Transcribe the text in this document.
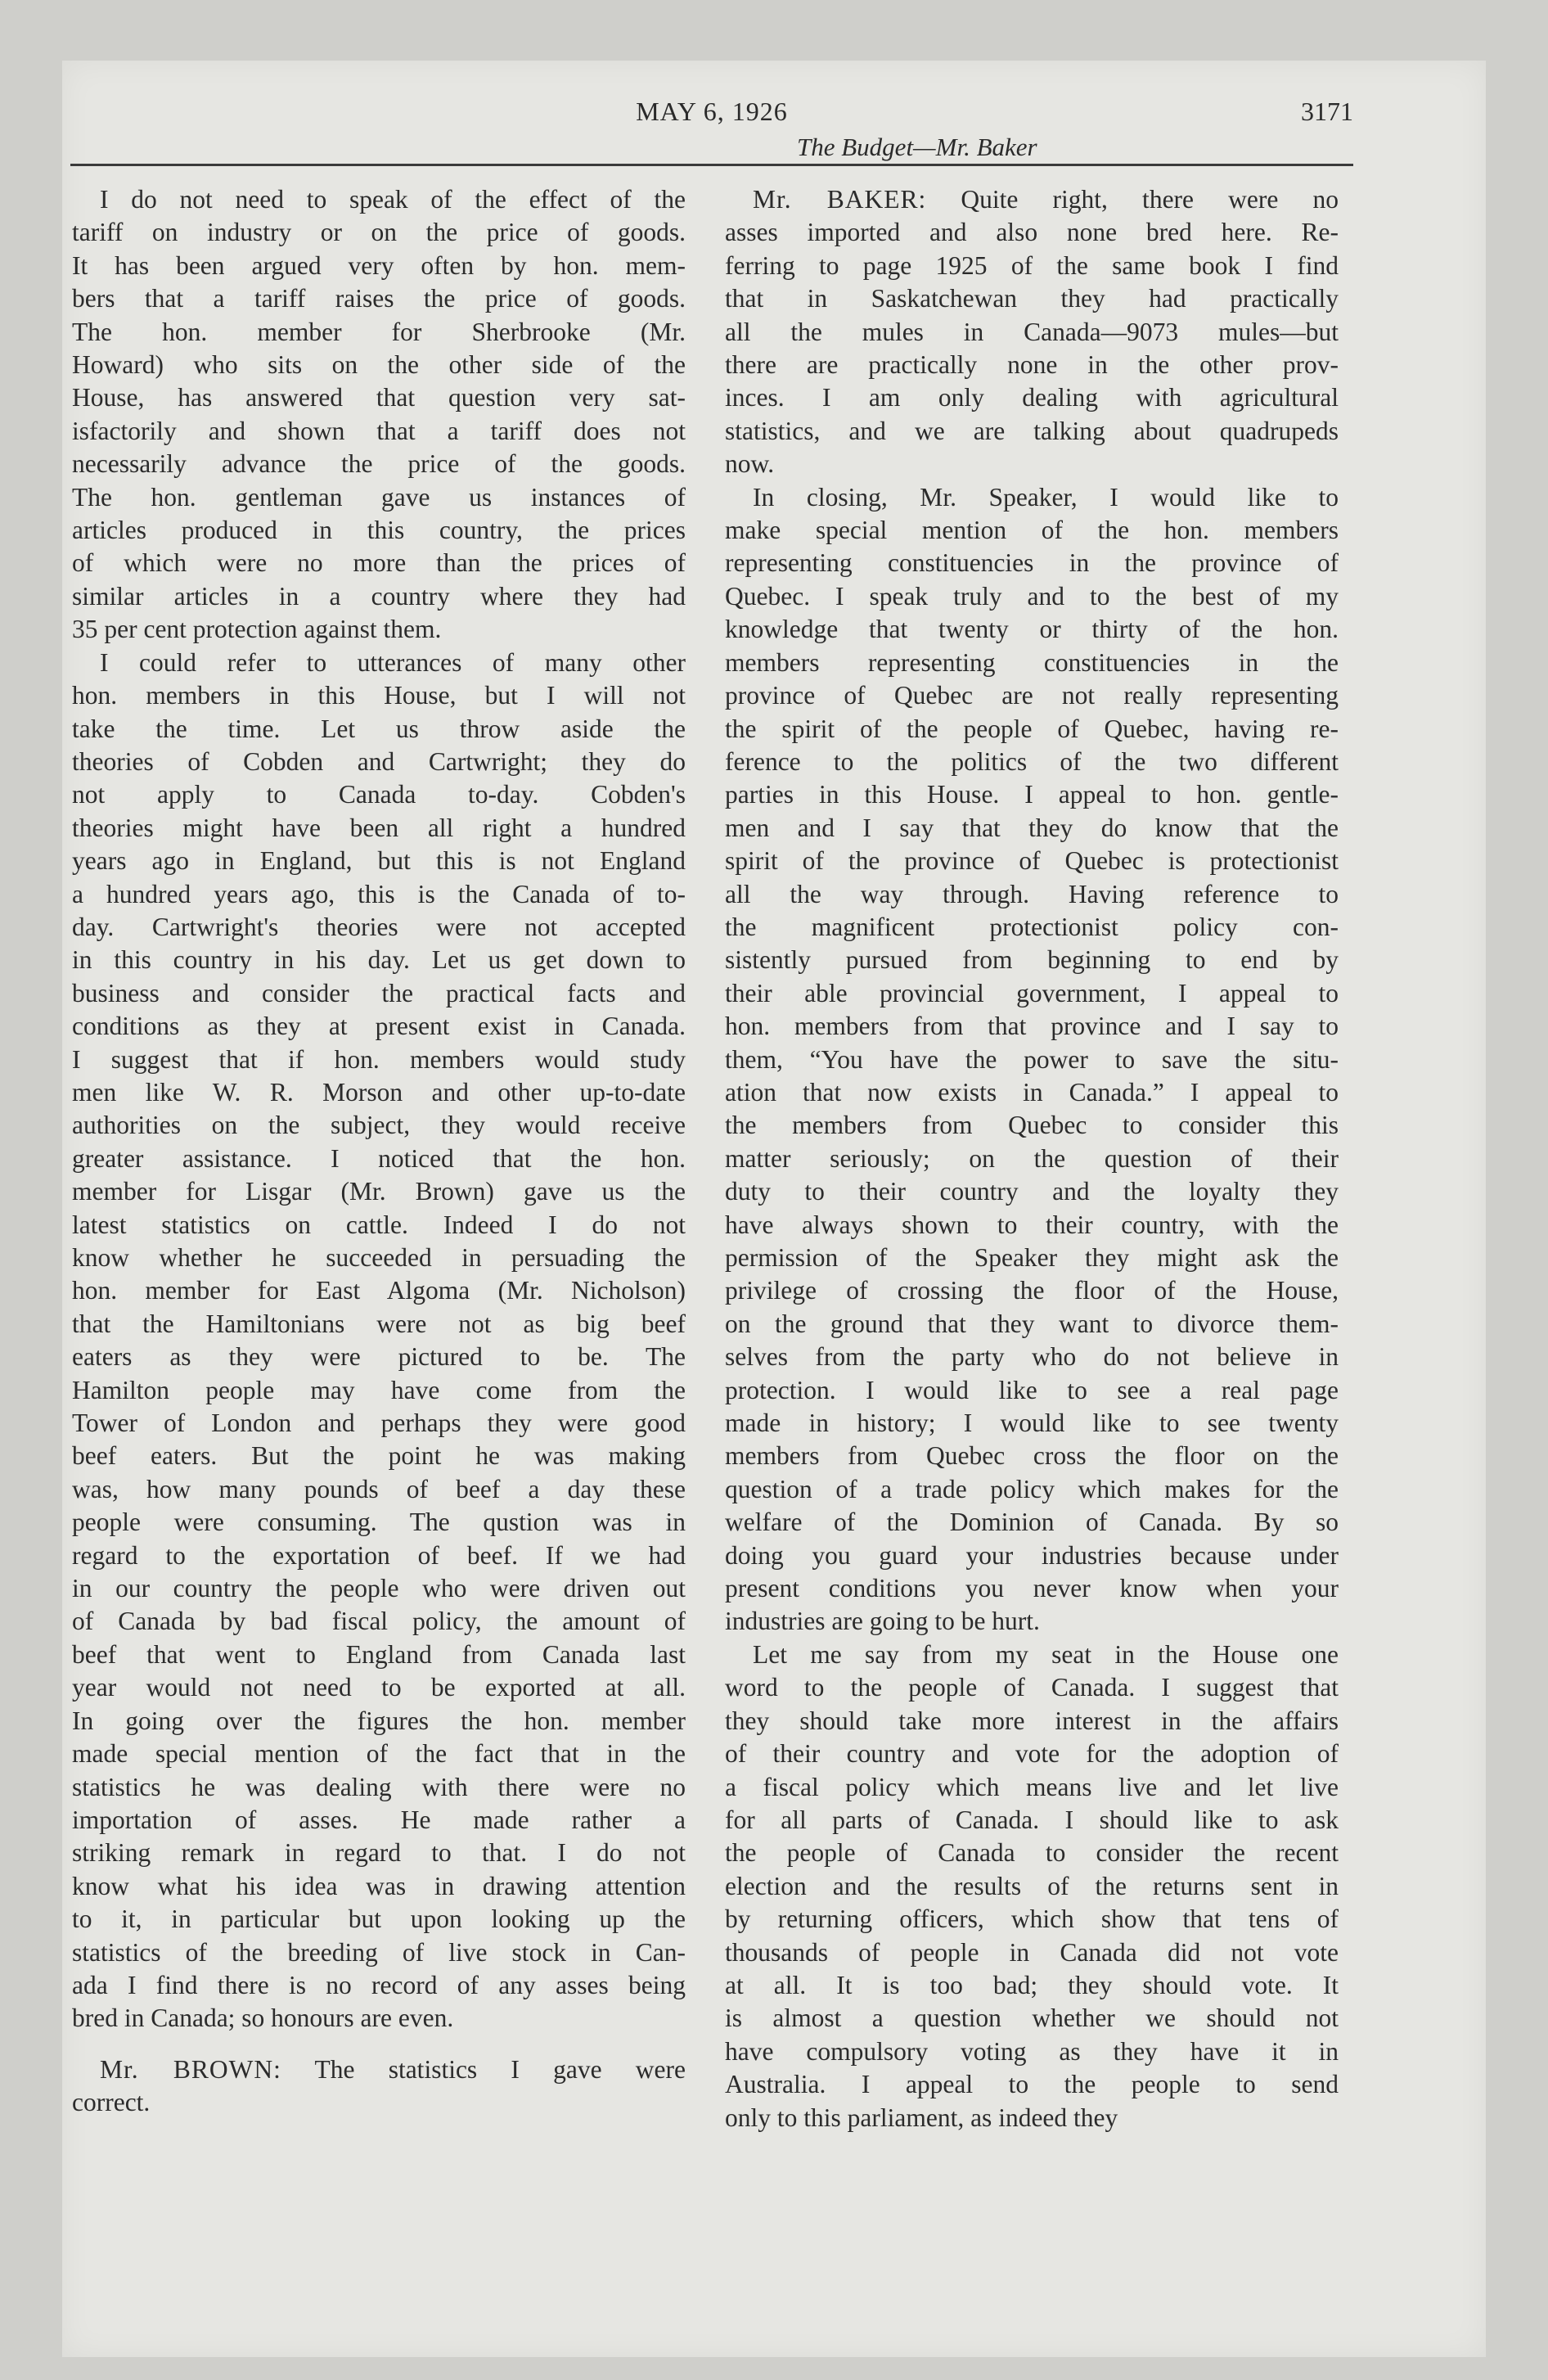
MAY 6, 1926	3171
The Budget—Mr. Baker

I do not need to speak of the effect of the
tariff on industry or on the price of goods.
It has been argued very often by hon. mem-
bers that a tariff raises the price of goods.
The hon. member for Sherbrooke (Mr.
Howard) who sits on the other side of the
House, has answered that question very sat-
isfactorily and shown that a tariff does not
necessarily advance the price of the goods.
The hon. gentleman gave us instances of
articles produced in this country, the prices
of which were no more than the prices of
similar articles in a country where they had
35 per cent protection against them.

I could refer to utterances of many other
hon. members in this House, but I will not
take the time. Let us throw aside the
theories of Cobden and Cartwright; they do
not apply to Canada to-day. Cobden's
theories might have been all right a hundred
years ago in England, but this is not England
a hundred years ago, this is the Canada of to-
day. Cartwright's theories were not accepted
in this country in his day. Let us get down to
business and consider the practical facts and
conditions as they at present exist in Canada.
I suggest that if hon. members would study
men like W. R. Morson and other up-to-date
authorities on the subject, they would receive
greater assistance. I noticed that the hon.
member for Lisgar (Mr. Brown) gave us the
latest statistics on cattle. Indeed I do not
know whether he succeeded in persuading the
hon. member for East Algoma (Mr. Nicholson)
that the Hamiltonians were not as big beef
eaters as they were pictured to be. The
Hamilton people may have come from the
Tower of London and perhaps they were good
beef eaters. But the point he was making
was, how many pounds of beef a day these
people were consuming. The qustion was in
regard to the exportation of beef. If we had
in our country the people who were driven out
of Canada by bad fiscal policy, the amount of
beef that went to England from Canada last
year would not need to be exported at all.
In going over the figures the hon. member
made special mention of the fact that in the
statistics he was dealing with there were no
importation of asses. He made rather a
striking remark in regard to that. I do not
know what his idea was in drawing attention
to it, in particular but upon looking up the
statistics of the breeding of live stock in Can-
ada I find there is no record of any asses being
bred in Canada; so honours are even.

Mr. BROWN: The statistics I gave were
correct.

Mr. BAKER: Quite right, there were no
asses imported and also none bred here. Re-
ferring to page 1925 of the same book I find
that in Saskatchewan they had practically
all the mules in Canada—9073 mules—but
there are practically none in the other prov-
inces. I am only dealing with agricultural
statistics, and we are talking about quadrupeds
now.

In closing, Mr. Speaker, I would like to
make special mention of the hon. members
representing constituencies in the province of
Quebec. I speak truly and to the best of my
knowledge that twenty or thirty of the hon.
members representing constituencies in the
province of Quebec are not really representing
the spirit of the people of Quebec, having re-
ference to the politics of the two different
parties in this House. I appeal to hon. gentle-
men and I say that they do know that the
spirit of the province of Quebec is protectionist
all the way through. Having reference to
the magnificent protectionist policy con-
sistently pursued from beginning to end by
their able provincial government, I appeal to
hon. members from that province and I say to
them, “You have the power to save the situ-
ation that now exists in Canada.” I appeal to
the members from Quebec to consider this
matter seriously; on the question of their
duty to their country and the loyalty they
have always shown to their country, with the
permission of the Speaker they might ask the
privilege of crossing the floor of the House,
on the ground that they want to divorce them-
selves from the party who do not believe in
protection. I would like to see a real page
made in history; I would like to see twenty
members from Quebec cross the floor on the
question of a trade policy which makes for the
welfare of the Dominion of Canada. By so
doing you guard your industries because under
present conditions you never know when your
industries are going to be hurt.

Let me say from my seat in the House one
word to the people of Canada. I suggest that
they should take more interest in the affairs
of their country and vote for the adoption of
a fiscal policy which means live and let live
for all parts of Canada. I should like to ask
the people of Canada to consider the recent
election and the results of the returns sent in
by returning officers, which show that tens of
thousands of people in Canada did not vote
at all. It is too bad; they should vote. It
is almost a question whether we should not
have compulsory voting as they have it in
Australia. I appeal to the people to send
only to this parliament, as indeed they
